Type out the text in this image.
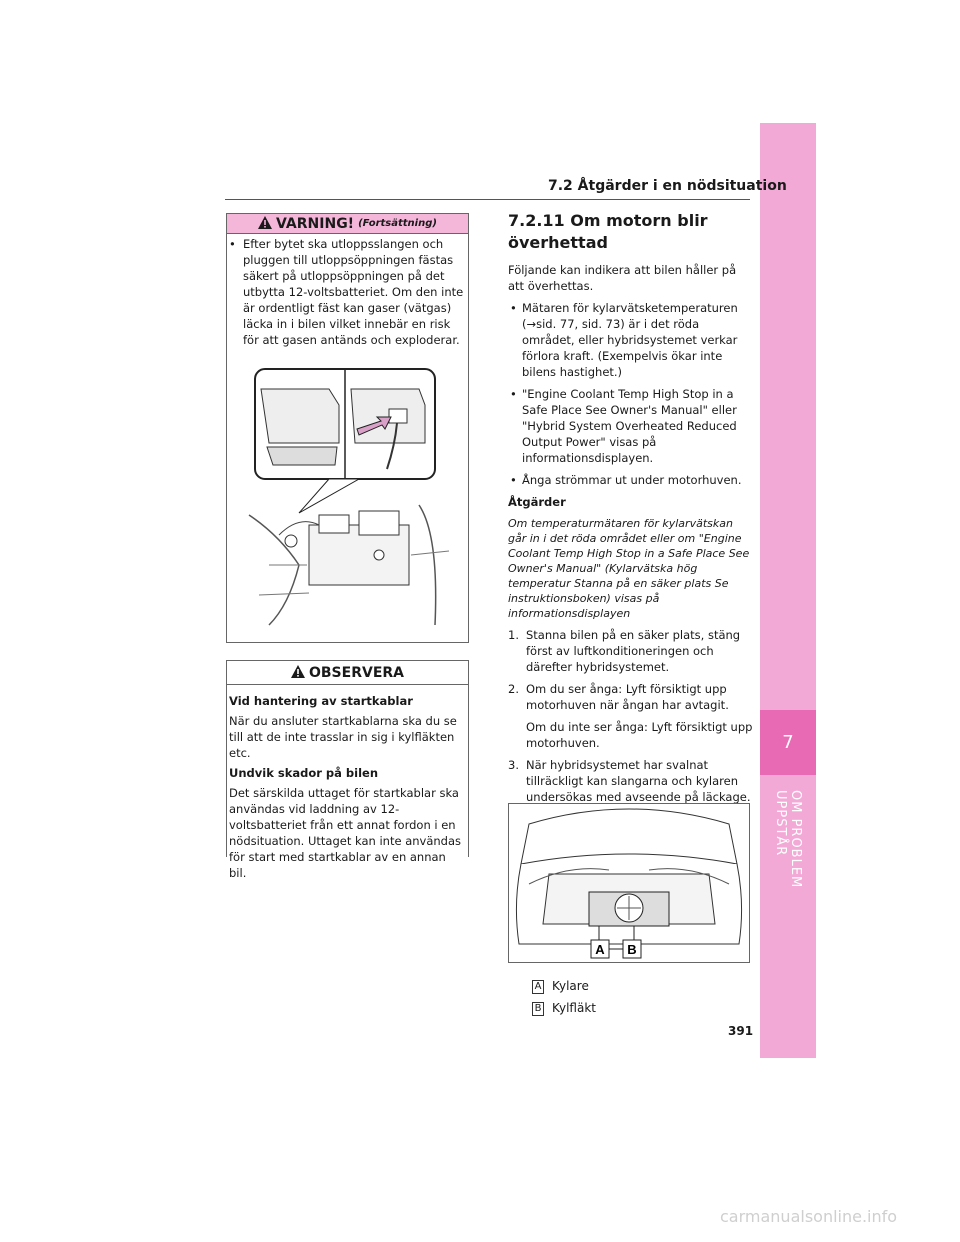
7
OM PROBLEM UPPSTÅR
7.2 Åtgärder i en nödsituation
VARNING! (Fortsättning)
• Efter bytet ska utloppsslangen och pluggen till utloppsöppningen fästas säkert på utloppsöppningen på det utbytta 12-voltsbatteriet. Om den inte är ordentligt fäst kan gaser (vätgas) läcka in i bilen vilket innebär en risk för att gasen antänds och exploderar.
OBSERVERA

Vid hantering av startkablar

När du ansluter startkablarna ska du se till att de inte trasslar in sig i kylfläkten etc.

Undvik skador på bilen

Det särskilda uttaget för startkablar ska användas vid laddning av 12-voltsbatteriet från ett annat fordon i en nödsituation. Uttaget kan inte användas för start med startkablar av en annan bil.

7.2.11 Om motorn blir överhettad

Följande kan indikera att bilen håller på att överhettas.

• Mätaren för kylarvätsketemperaturen (→sid. 77, sid. 73) är i det röda området, eller hybridsystemet verkar förlora kraft. (Exempelvis ökar inte bilens hastighet.)
• "Engine Coolant Temp High Stop in a Safe Place See Owner's Manual" eller "Hybrid System Overheated Reduced Output Power" visas på informationsdisplayen.
• Ånga strömmar ut under motorhuven.
Åtgärder
Om temperaturmätaren för kylarvätskan går in i det röda området eller om "Engine Coolant Temp High Stop in a Safe Place See Owner's Manual" (Kylarvätska hög temperatur Stanna på en säker plats Se instruktionsboken) visas på informationsdisplayen
1. Stanna bilen på en säker plats, stäng först av luftkonditioneringen och därefter hybridsystemet.
2. Om du ser ånga: Lyft försiktigt upp motorhuven när ångan har avtagit.
Om du inte ser ånga: Lyft försiktigt upp motorhuven.
3. När hybridsystemet har svalnat tillräckligt kan slangarna och kylaren undersökas med avseende på läckage.
A B
A Kylare
B Kylfläkt
391
carmanualsonline.info
